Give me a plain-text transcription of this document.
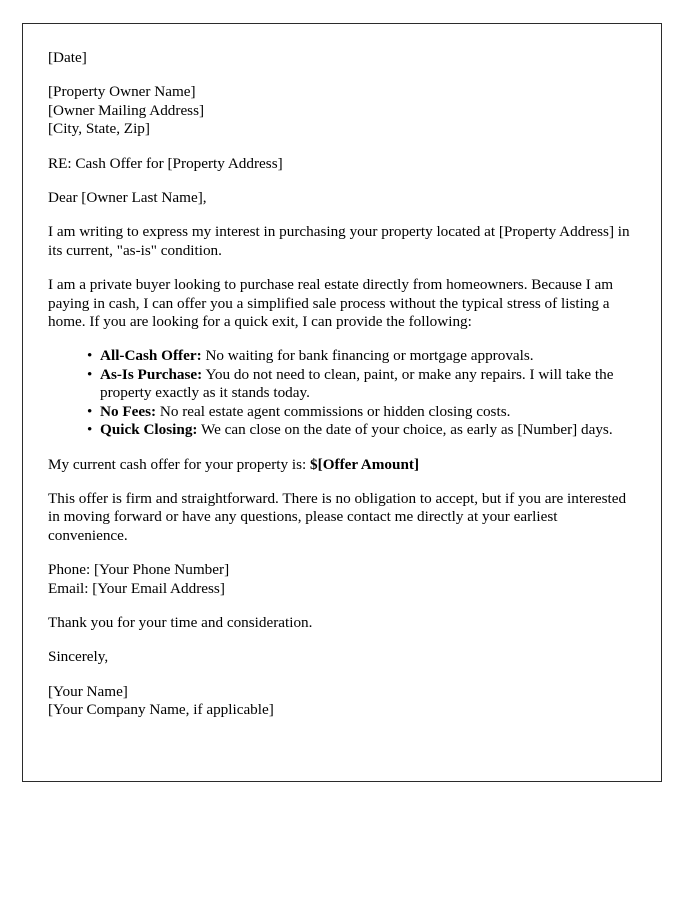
[Date]
[Property Owner Name]
[Owner Mailing Address]
[City, State, Zip]
RE: Cash Offer for [Property Address]
Dear [Owner Last Name],

I am writing to express my interest in purchasing your property located at [Property Address] in its current, "as-is" condition.

I am a private buyer looking to purchase real estate directly from homeowners. Because I am paying in cash, I can offer you a simplified sale process without the typical stress of listing a home. If you are looking for a quick exit, I can provide the following:

• All-Cash Offer: No waiting for bank financing or mortgage approvals.
• As-Is Purchase: You do not need to clean, paint, or make any repairs. I will take the property exactly as it stands today.
• No Fees: No real estate agent commissions or hidden closing costs.
• Quick Closing: We can close on the date of your choice, as early as [Number] days.

My current cash offer for your property is: $[Offer Amount]

This offer is firm and straightforward. There is no obligation to accept, but if you are interested in moving forward or have any questions, please contact me directly at your earliest convenience.

Phone: [Your Phone Number]
Email: [Your Email Address]

Thank you for your time and consideration.

Sincerely,
[Your Name]
[Your Company Name, if applicable]
